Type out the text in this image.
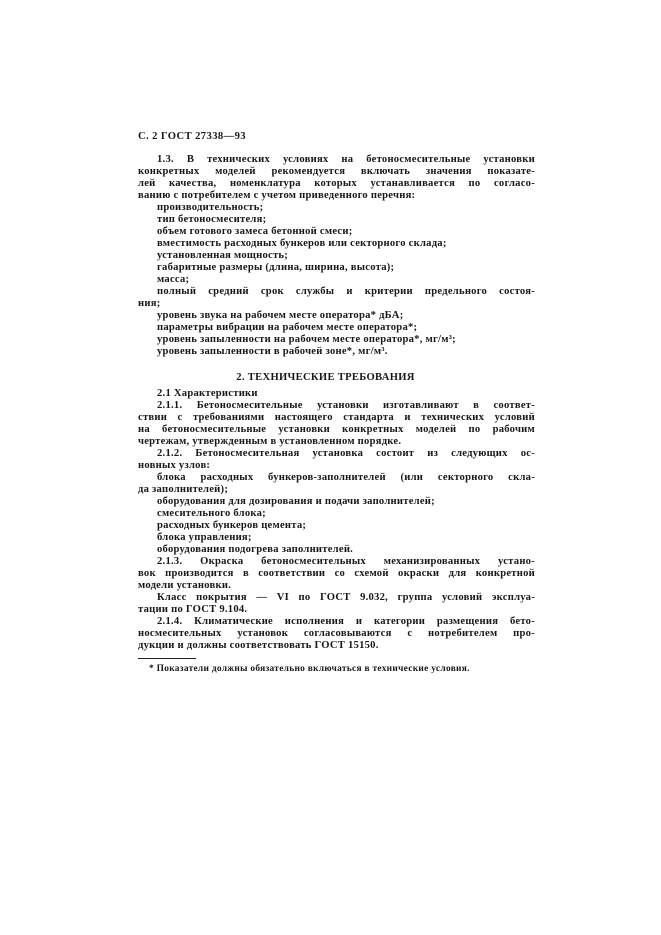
С. 2 ГОСТ 27338—93
1.3. В технических условиях на бетоносмесительные установки
конкретных моделей рекомендуется включать значения показате-
лей качества, номенклатура которых устанавливается по согласо-
ванию с потребителем с учетом приведенного перечня:
производительность;
тип бетоносмесителя;
объем готового замеса бетонной смеси;
вместимость расходных бункеров или секторного склада;
установленная мощность;
габаритные размеры (длина, ширина, высота);
масса;
полный средний срок службы и критерии предельного состоя-
ния;
уровень звука на рабочем месте оператора* дБА;
параметры вибрации на рабочем месте оператора*;
уровень запыленности на рабочем месте оператора*, мг/м³;
уровень запыленности в рабочей зоне*, мг/м³.
2. ТЕХНИЧЕСКИЕ ТРЕБОВАНИЯ
2.1 Характеристики
2.1.1. Бетоносмесительные установки изготавливают в соответ-
ствии с требованиями настоящего стандарта и технических условий
на бетоносмесительные установки конкретных моделей по рабочим
чертежам, утвержденным в установленном порядке.
2.1.2. Бетоносмесительная установка состоит из следующих ос-
новных узлов:
блока расходных бункеров-заполнителей (или секторного скла-
да заполнителей);
оборудования для дозирования и подачи заполнителей;
смесительного блока;
расходных бункеров цемента;
блока управления;
оборудования подогрева заполнителей.
2.1.3. Окраска бетоносмесительных механизированных устано-
вок производится в соответствии со схемой окраски для конкретной
модели установки.
Класс покрытия — VI по ГОСТ 9.032, группа условий эксплуа-
тации по ГОСТ 9.104.
2.1.4. Климатические исполнения и категории размещения бето-
носмесительных установок согласовываются с нотребителем про-
дукции и должны соответствовать ГОСТ 15150.
* Показатели должны обязательно включаться в технические условия.
